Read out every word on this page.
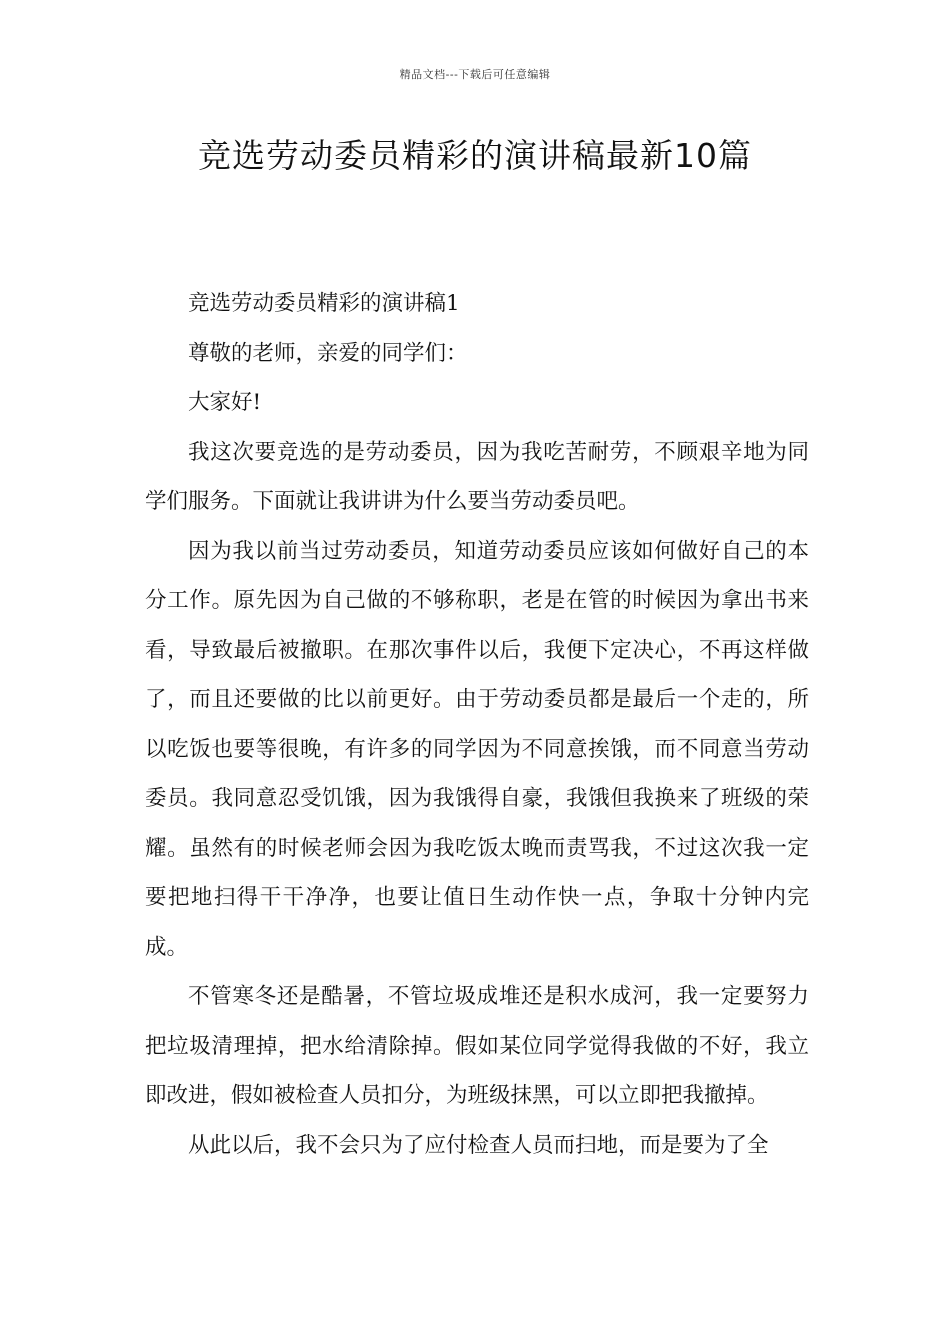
精品文档---下载后可任意编辑
竞选劳动委员精彩的演讲稿最新10篇

竞选劳动委员精彩的演讲稿1

尊敬的老师，亲爱的同学们：

大家好!

我这次要竞选的是劳动委员，因为我吃苦耐劳，不顾艰辛地为同学们服务。下面就让我讲讲为什么要当劳动委员吧。

因为我以前当过劳动委员，知道劳动委员应该如何做好自己的本分工作。原先因为自己做的不够称职，老是在管的时候因为拿出书来看，导致最后被撤职。在那次事件以后，我便下定决心，不再这样做了，而且还要做的比以前更好。由于劳动委员都是最后一个走的，所以吃饭也要等很晚，有许多的同学因为不同意挨饿，而不同意当劳动委员。我同意忍受饥饿，因为我饿得自豪，我饿但我换来了班级的荣耀。虽然有的时候老师会因为我吃饭太晚而责骂我，不过这次我一定要把地扫得干干净净，也要让值日生动作快一点，争取十分钟内完成。

不管寒冬还是酷暑，不管垃圾成堆还是积水成河，我一定要努力把垃圾清理掉，把水给清除掉。假如某位同学觉得我做的不好，我立即改进，假如被检查人员扣分，为班级抹黑，可以立即把我撤掉。

从此以后，我不会只为了应付检查人员而扫地，而是要为了全
